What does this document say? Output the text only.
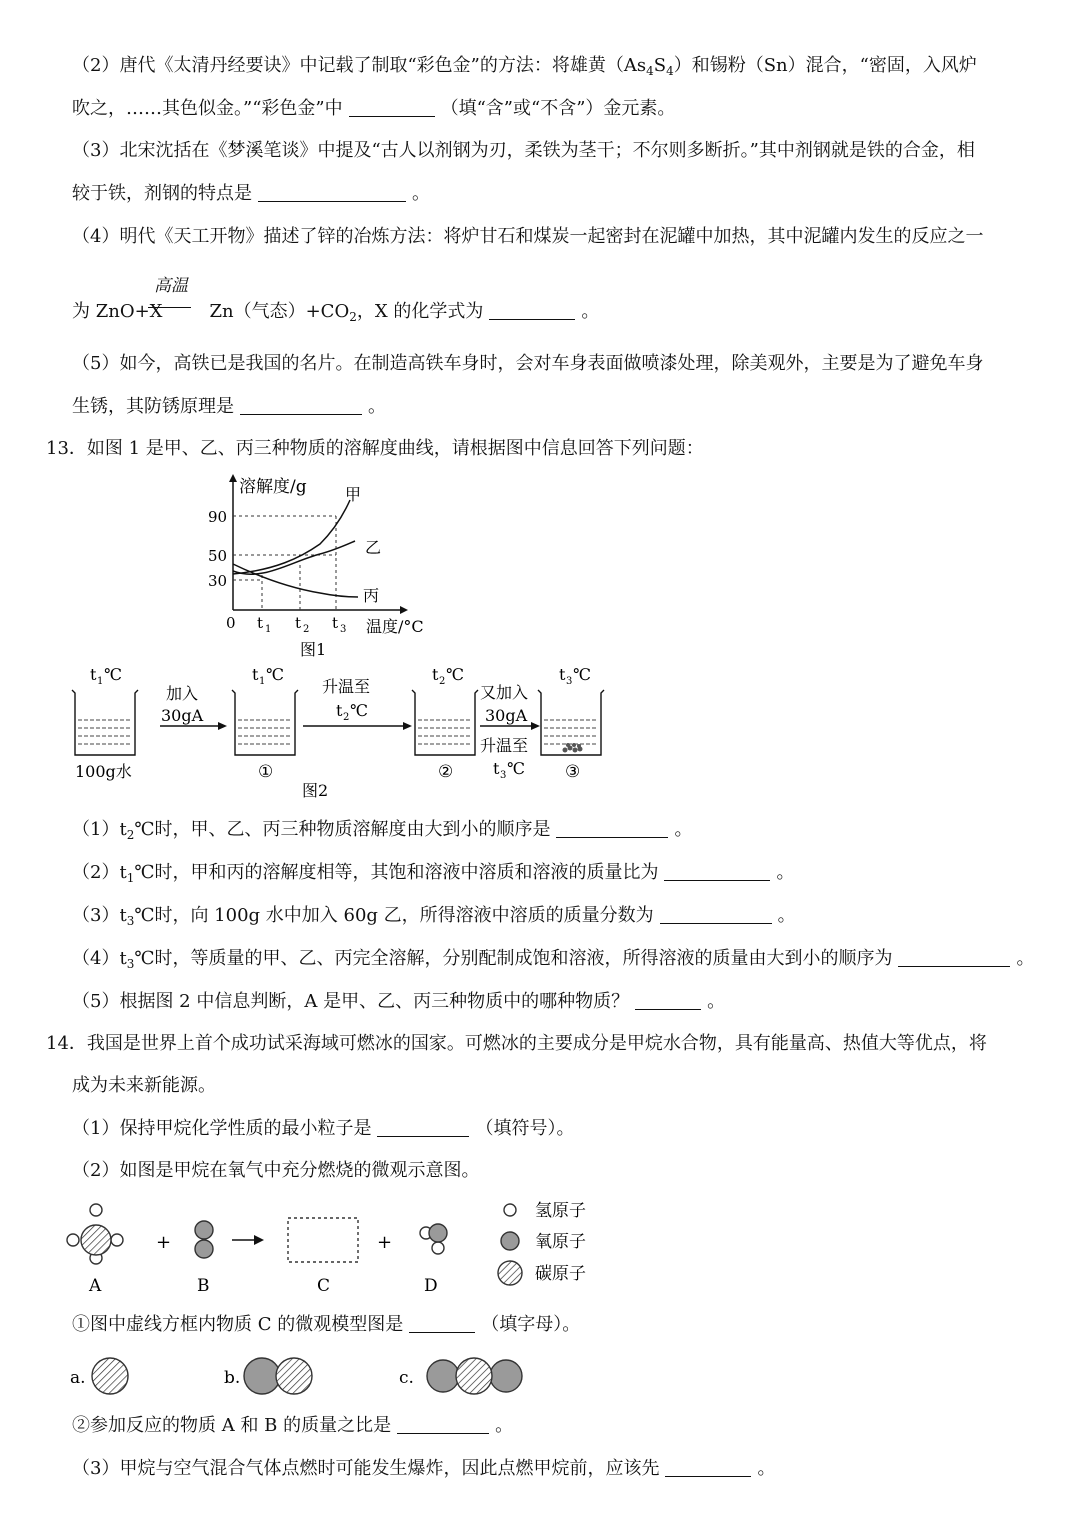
（2）唐代《太清丹经要诀》中记载了制取“彩色金”的方法：将雄黄$(As_4S_4)$和锡粉（Sn）混合，“密固，入风炉
吹之，……其色似金。”“彩色金”中	（填“含”或“不含”）金元素。
（3）北宋沈括在《梦溪笔谈》中提及“古人以剂钢为刃，柔铁为茎干；不尔则多断折。”其中剂钢就是铁的合金，相
较于铁，剂钢的特点是	。
（4）明代《天工开物》描述了锌的冶炼方法：将炉甘石和煤炭一起密封在泥罐中加热，其中泥罐内发生的反应之一
高温
为 ZnO+X	Zn（气态）$+CO_2$，X 的化学式为	。
（5）如今，高铁已是我国的名片。在制造高铁车身时，会对车身表面做喷漆处理，除美观外，主要是为了避免车身
生锈，其防锈原理是	。
13．如图 1 是甲、乙、丙三种物质的溶解度曲线，请根据图中信息回答下列问题：
溶解度/g 甲
乙
丙
90
50
30
0 t 1 t 2 t 3 温度/°C
图1
t 1 ℃	t 1 ℃	t 2 ℃	t 3 ℃
加入
30gA
升温至
t 2 ℃
又加入
30gA
升温至
t 3 ℃
100g水	①	②	③
图2
$(1)t_2℃$时，甲、乙、丙三种物质溶解度由大到小的顺序是	。
$(2)t_1℃$时，甲和丙的溶解度相等，其饱和溶液中溶质和溶液的质量比为	。
$(3)t_3℃$时，向 100g 水中加入 60g 乙，所得溶液中溶质的质量分数为	。
$(4)t_3℃$时，等质量的甲、乙、丙完全溶解，分别配制成饱和溶液，所得溶液的质量由大到小的顺序为	。
（5）根据图 2 中信息判断，A 是甲、乙、丙三种物质中的哪种物质？	。
14．我国是世界上首个成功试采海域可燃冰的国家。可燃冰的主要成分是甲烷水合物，具有能量高、热值大等优点，将
成为未来新能源。
（1）保持甲烷化学性质的最小粒子是	（填符号）。
（2）如图是甲烷在氧气中充分燃烧的微观示意图。
+	+
A	B	C	D
氢原子
氧原子
碳原子
①图中虚线方框内物质 C 的微观模型图是	（填字母）。
a.	b.	c.
②参加反应的物质 A 和 B 的质量之比是	。
（3）甲烷与空气混合气体点燃时可能发生爆炸，因此点燃甲烷前，应该先	。
